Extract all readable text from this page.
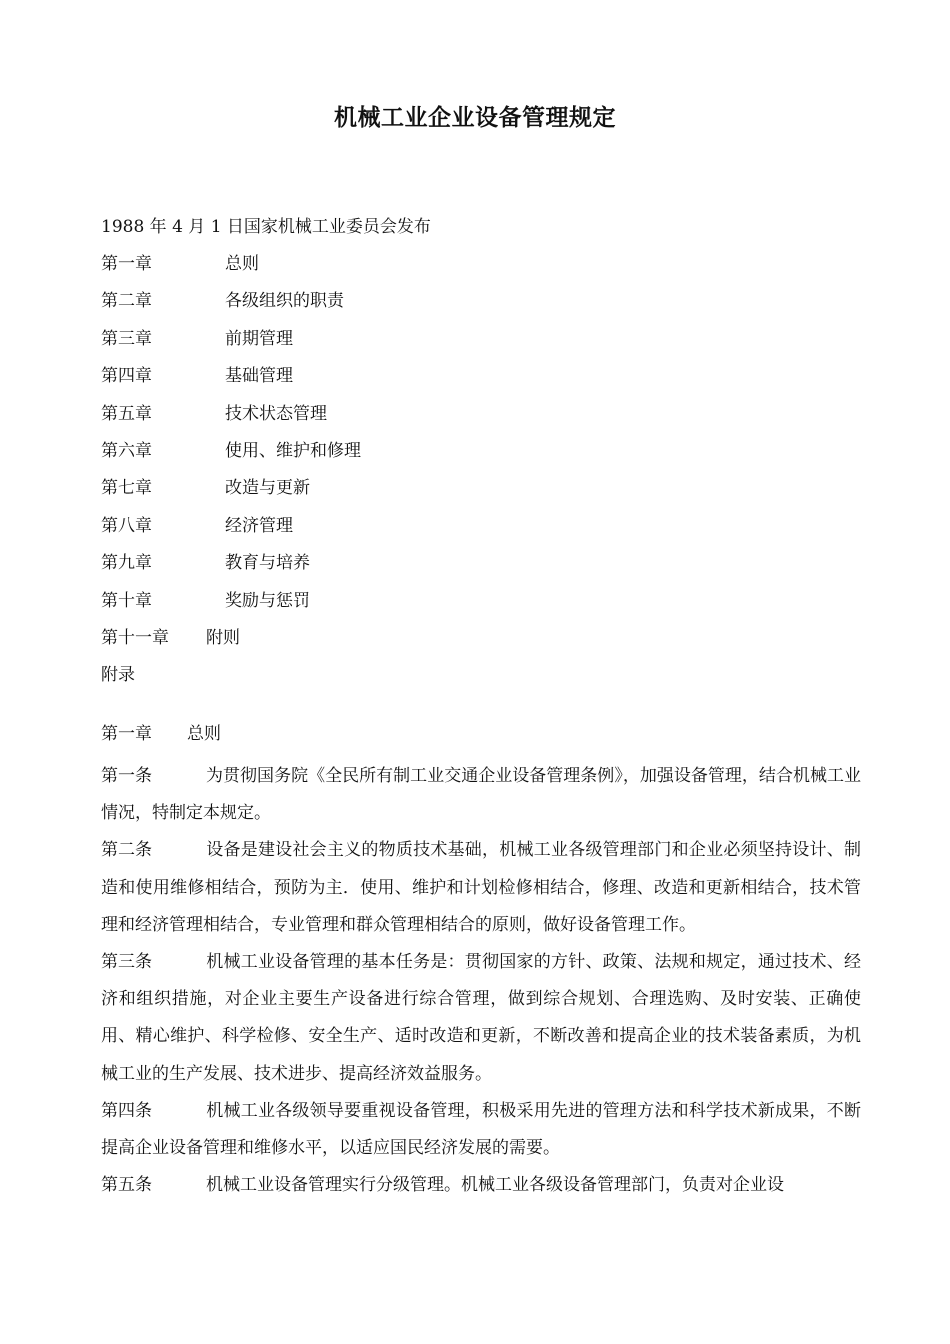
机械工业企业设备管理规定
1988 年 4 月 1 日国家机械工业委员会发布
第一章	总则
第二章	各级组织的职责
第三章	前期管理
第四章	基础管理
第五章	技术状态管理
第六章	使用、维护和修理
第七章	改造与更新
第八章	经济管理
第九章	教育与培养
第十章	奖励与惩罚
第十一章 附则
附录
第一章 总则

第一条	为贯彻国务院《全民所有制工业交通企业设备管理条例》，加强设备管理，结合机械工业情况，特制定本规定。

第二条	设备是建设社会主义的物质技术基础，机械工业各级管理部门和企业必须坚持设计、制造和使用维修相结合，预防为主．使用、维护和计划检修相结合，修理、改造和更新相结合，技术管理和经济管理相结合，专业管理和群众管理相结合的原则，做好设备管理工作。

第三条	机械工业设备管理的基本任务是：贯彻国家的方针、政策、法规和规定，通过技术、经济和组织措施，对企业主要生产设备进行综合管理，做到综合规划、合理选购、及时安装、正确使用、精心维护、科学检修、安全生产、适时改造和更新，不断改善和提高企业的技术装备素质，为机械工业的生产发展、技术进步、提高经济效益服务。

第四条	机械工业各级领导要重视设备管理，积极采用先进的管理方法和科学技术新成果，不断提高企业设备管理和维修水平，以适应国民经济发展的需要。

第五条	机械工业设备管理实行分级管理。机械工业各级设备管理部门，负责对企业设
